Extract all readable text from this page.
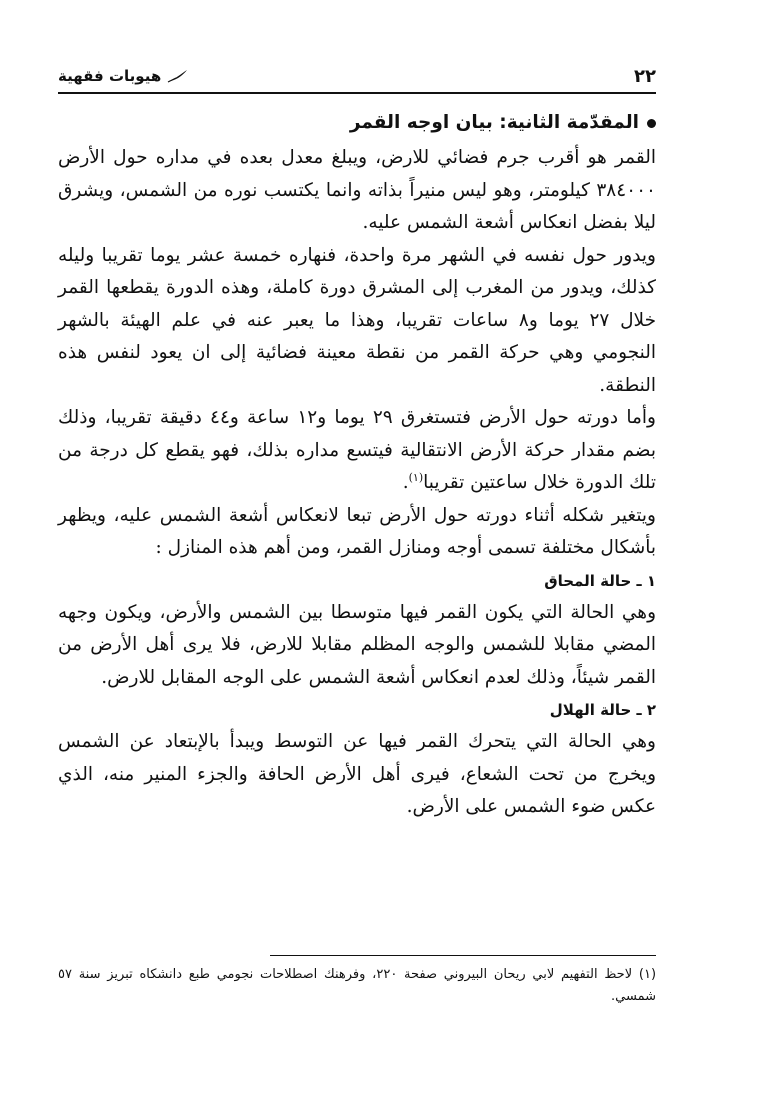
٢٢
هيوبات فقهية
المقدّمة الثانية: بيان اوجه القمر

القمر هو أقرب جرم فضائي للارض، ويبلغ معدل بعده في مداره حول الأرض ٣٨٤٠٠٠ كيلومتر، وهو ليس منيراً بذاته وانما يكتسب نوره من الشمس، ويشرق ليلا بفضل انعكاس أشعة الشمس عليه.

ويدور حول نفسه في الشهر مرة واحدة، فنهاره خمسة عشر يوما تقريبا وليله كذلك، ويدور من المغرب إلى المشرق دورة كاملة، وهذه الدورة يقطعها القمر خلال ٢٧ يوما و٨ ساعات تقريبا، وهذا ما يعبر عنه في علم الهيئة بالشهر النجومي وهي حركة القمر من نقطة معينة فضائية إلى ان يعود لنفس هذه النطقة.

وأما دورته حول الأرض فتستغرق ٢٩ يوما و١٢ ساعة و٤٤ دقيقة تقريبا، وذلك بضم مقدار حركة الأرض الانتقالية فيتسع مداره بذلك، فهو يقطع كل درجة من تلك الدورة خلال ساعتين تقريبا$^{(١)}$.

ويتغير شكله أثناء دورته حول الأرض تبعا لانعكاس أشعة الشمس عليه، ويظهر بأشكال مختلفة تسمى أوجه ومنازل القمر، ومن أهم هذه المنازل :

١ ـ حالة المحاق

وهي الحالة التي يكون القمر فيها متوسطا بين الشمس والأرض، ويكون وجهه المضي مقابلا للشمس والوجه المظلم مقابلا للارض، فلا يرى أهل الأرض من القمر شيئاً، وذلك لعدم انعكاس أشعة الشمس على الوجه المقابل للارض.

٢ ـ حالة الهلال

وهي الحالة التي يتحرك القمر فيها عن التوسط ويبدأ بالإبتعاد عن الشمس ويخرج من تحت الشعاع، فيرى أهل الأرض الحافة والجزء المنير منه، الذي عكس ضوء الشمس على الأرض.

(١) لاحظ التفهيم لابي ريحان البيروني صفحة ٢٢٠، وفرهنك اصطلاحات نجومي طبع دانشكاه تبريز سنة ٥٧ شمسي.
